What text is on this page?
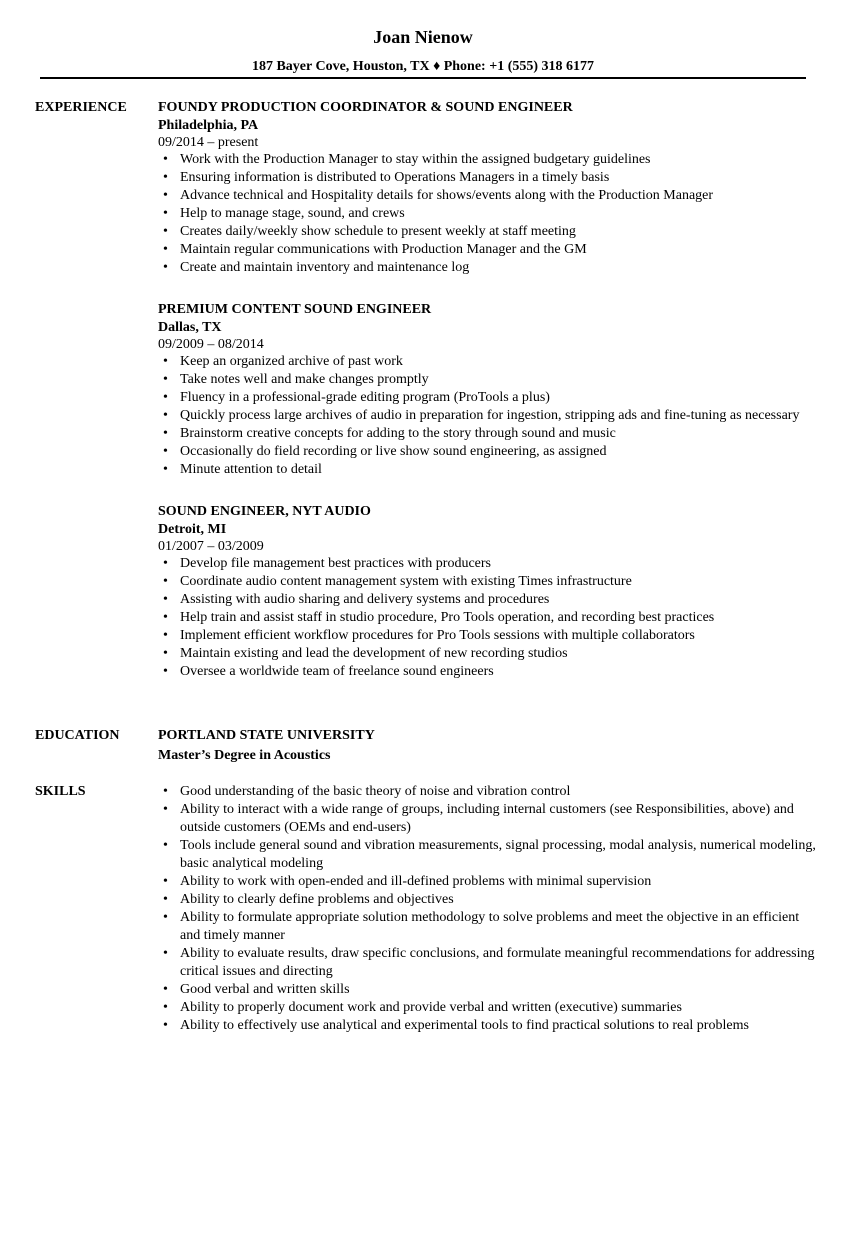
Joan Nienow
187 Bayer Cove, Houston, TX ♦ Phone: +1 (555) 318 6177
EXPERIENCE FOUNDY PRODUCTION COORDINATOR & SOUND ENGINEER
Philadelphia, PA
09/2014 – present
• Work with the Production Manager to stay within the assigned budgetary guidelines
• Ensuring information is distributed to Operations Managers in a timely basis
• Advance technical and Hospitality details for shows/events along with the Production Manager
• Help to manage stage, sound, and crews
• Creates daily/weekly show schedule to present weekly at staff meeting
• Maintain regular communications with Production Manager and the GM
• Create and maintain inventory and maintenance log
PREMIUM CONTENT SOUND ENGINEER
Dallas, TX
09/2009 – 08/2014
• Keep an organized archive of past work
• Take notes well and make changes promptly
• Fluency in a professional-grade editing program (ProTools a plus)
• Quickly process large archives of audio in preparation for ingestion, stripping ads and fine-tuning as necessary
• Brainstorm creative concepts for adding to the story through sound and music
• Occasionally do field recording or live show sound engineering, as assigned
• Minute attention to detail
SOUND ENGINEER, NYT AUDIO
Detroit, MI
01/2007 – 03/2009
• Develop file management best practices with producers
• Coordinate audio content management system with existing Times infrastructure
• Assisting with audio sharing and delivery systems and procedures
• Help train and assist staff in studio procedure, Pro Tools operation, and recording best practices
• Implement efficient workflow procedures for Pro Tools sessions with multiple collaborators
• Maintain existing and lead the development of new recording studios
• Oversee a worldwide team of freelance sound engineers
EDUCATION	PORTLAND STATE UNIVERSITY
Master’s Degree in Acoustics
SKILLS
•	Good understanding of the basic theory of noise and vibration control
• Ability to interact with a wide range of groups, including internal customers (see Responsibilities, above) and outside customers (OEMs and end-users)
• Tools include general sound and vibration measurements, signal processing, modal analysis, numerical modeling, basic analytical modeling
• Ability to work with open-ended and ill-defined problems with minimal supervision
• Ability to clearly define problems and objectives
• Ability to formulate appropriate solution methodology to solve problems and meet the objective in an efficient and timely manner
• Ability to evaluate results, draw specific conclusions, and formulate meaningful recommendations for addressing critical issues and directing
• Good verbal and written skills
• Ability to properly document work and provide verbal and written (executive) summaries
• Ability to effectively use analytical and experimental tools to find practical solutions to real problems
